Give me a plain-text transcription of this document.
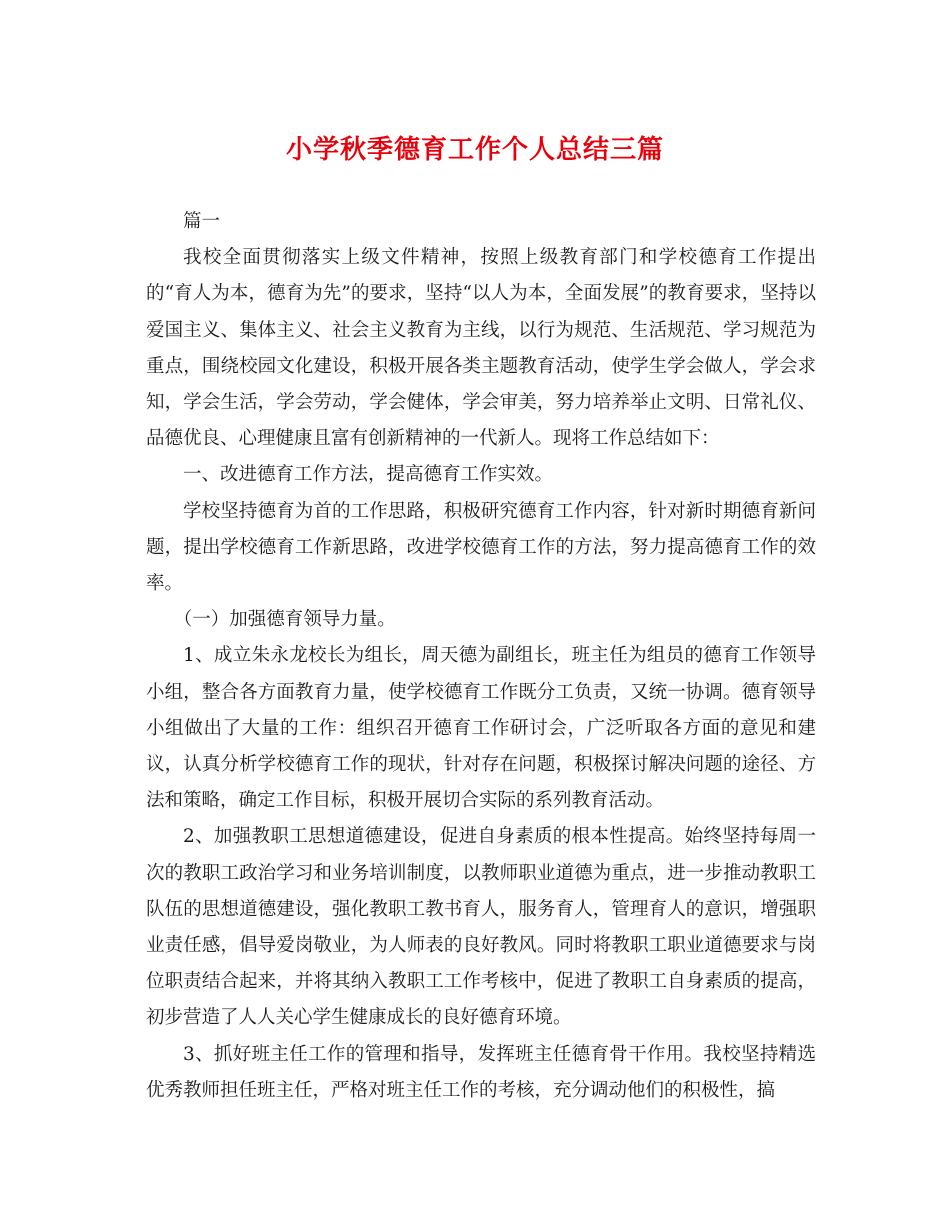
小学秋季德育工作个人总结三篇

篇一

我校全面贯彻落实上级文件精神，按照上级教育部门和学校德育工作提出的“育人为本，德育为先”的要求，坚持“以人为本，全面发展”的教育要求，坚持以爱国主义、集体主义、社会主义教育为主线，以行为规范、生活规范、学习规范为重点，围绕校园文化建设，积极开展各类主题教育活动，使学生学会做人，学会求知，学会生活，学会劳动，学会健体，学会审美，努力培养举止文明、日常礼仪、品德优良、心理健康且富有创新精神的一代新人。现将工作总结如下：

一、改进德育工作方法，提高德育工作实效。

学校坚持德育为首的工作思路，积极研究德育工作内容，针对新时期德育新问题，提出学校德育工作新思路，改进学校德育工作的方法，努力提高德育工作的效率。

（一）加强德育领导力量。

1、成立朱永龙校长为组长，周天德为副组长，班主任为组员的德育工作领导小组，整合各方面教育力量，使学校德育工作既分工负责，又统一协调。德育领导小组做出了大量的工作：组织召开德育工作研讨会，广泛听取各方面的意见和建议，认真分析学校德育工作的现状，针对存在问题，积极探讨解决问题的途径、方法和策略，确定工作目标，积极开展切合实际的系列教育活动。

2、加强教职工思想道德建设，促进自身素质的根本性提高。始终坚持每周一次的教职工政治学习和业务培训制度，以教师职业道德为重点，进一步推动教职工队伍的思想道德建设，强化教职工教书育人，服务育人，管理育人的意识，增强职业责任感，倡导爱岗敬业，为人师表的良好教风。同时将教职工职业道德要求与岗位职责结合起来，并将其纳入教职工工作考核中，促进了教职工自身素质的提高，初步营造了人人关心学生健康成长的良好德育环境。

3、抓好班主任工作的管理和指导，发挥班主任德育骨干作用。我校坚持精选优秀教师担任班主任，严格对班主任工作的考核，充分调动他们的积极性，搞
